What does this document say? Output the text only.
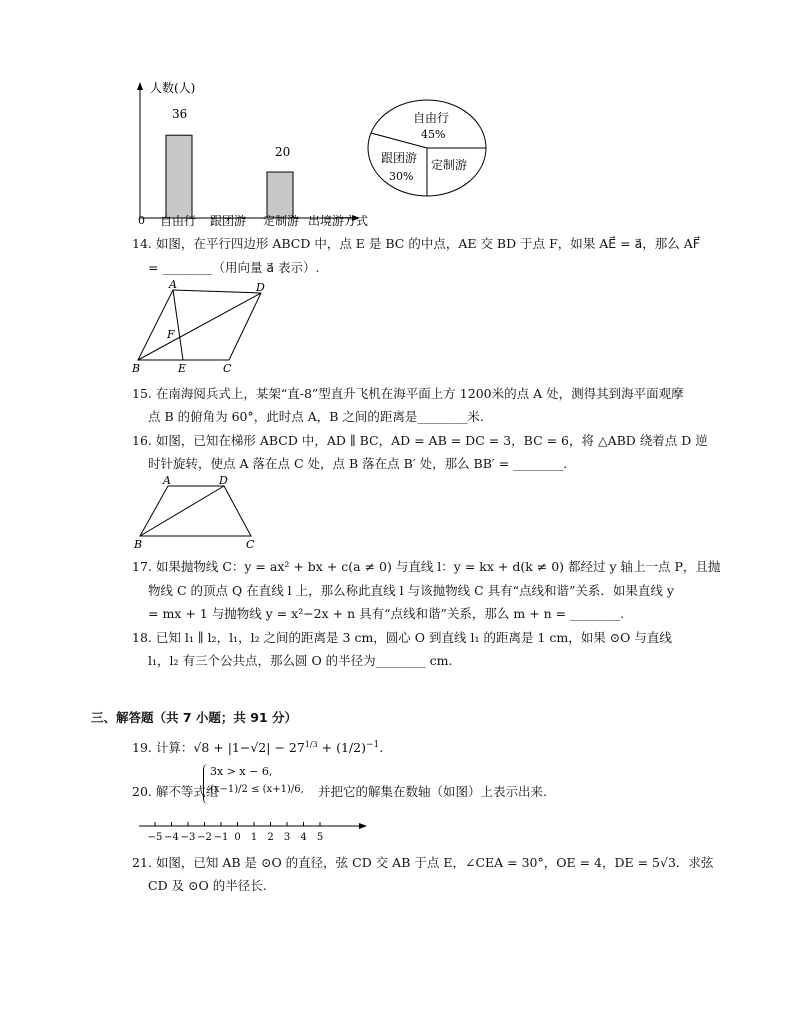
人数(人)
0 自由行 跟团游 定制游 出境游方式
36
20
自由行
45%
跟团游
30%
定制游
14. 如图，在平行四边形 ABCD 中，点 E 是 BC 的中点，AE 交 BD 于点 F，如果 AE⃗ = a⃗，那么 AF⃗
= ________（用向量 a⃗ 表示）.
A	D
F
B	E	C
15. 在南海阅兵式上，某架“直-8”型直升飞机在海平面上方 1200米的点 A 处，测得其到海平面观摩
点 B 的俯角为 60°，此时点 A，B 之间的距离是________米.
16. 如图，已知在梯形 ABCD 中，AD ∥ BC，AD = AB = DC = 3，BC = 6，将 △ABD 绕着点 D 逆
时针旋转，使点 A 落在点 C 处，点 B 落在点 B′ 处，那么 BB′ = ________.
A	D
B	C
17. 如果抛物线 C：y = ax² + bx + c(a ≠ 0) 与直线 l：y = kx + d(k ≠ 0) 都经过 y 轴上一点 P，且抛
物线 C 的顶点 Q 在直线 l 上，那么称此直线 l 与该抛物线 C 具有“点线和谐”关系．如果直线 y
= mx + 1 与抛物线 y = x²−2x + n 具有“点线和谐”关系，那么 m + n = ________.
18. 已知 l₁ ∥ l₂，l₁，l₂ 之间的距离是 3 cm，圆心 O 到直线 l₁ 的距离是 1 cm，如果 ⊙O 与直线
l₁，l₂ 有三个公共点，那么圆 O 的半径为________ cm.
三、解答题（共 7 小题；共 91 分）
19. 计算：$√8 + |1-√2| - 27^{1/3} + (1/2)^{-1}$.
20. 解不等式组
3x > x − 6,
(x−1)/2 ≤ (x+1)/6, 并把它的解集在数轴（如图）上表示出来.
−5 −4 −3 −2 −1 0 1 2 3 4 5
21. 如图，已知 AB 是 ⊙O 的直径，弦 CD 交 AB 于点 E，∠CEA = 30°，OE = 4，DE = 5√3．求弦
CD 及 ⊙O 的半径长.
